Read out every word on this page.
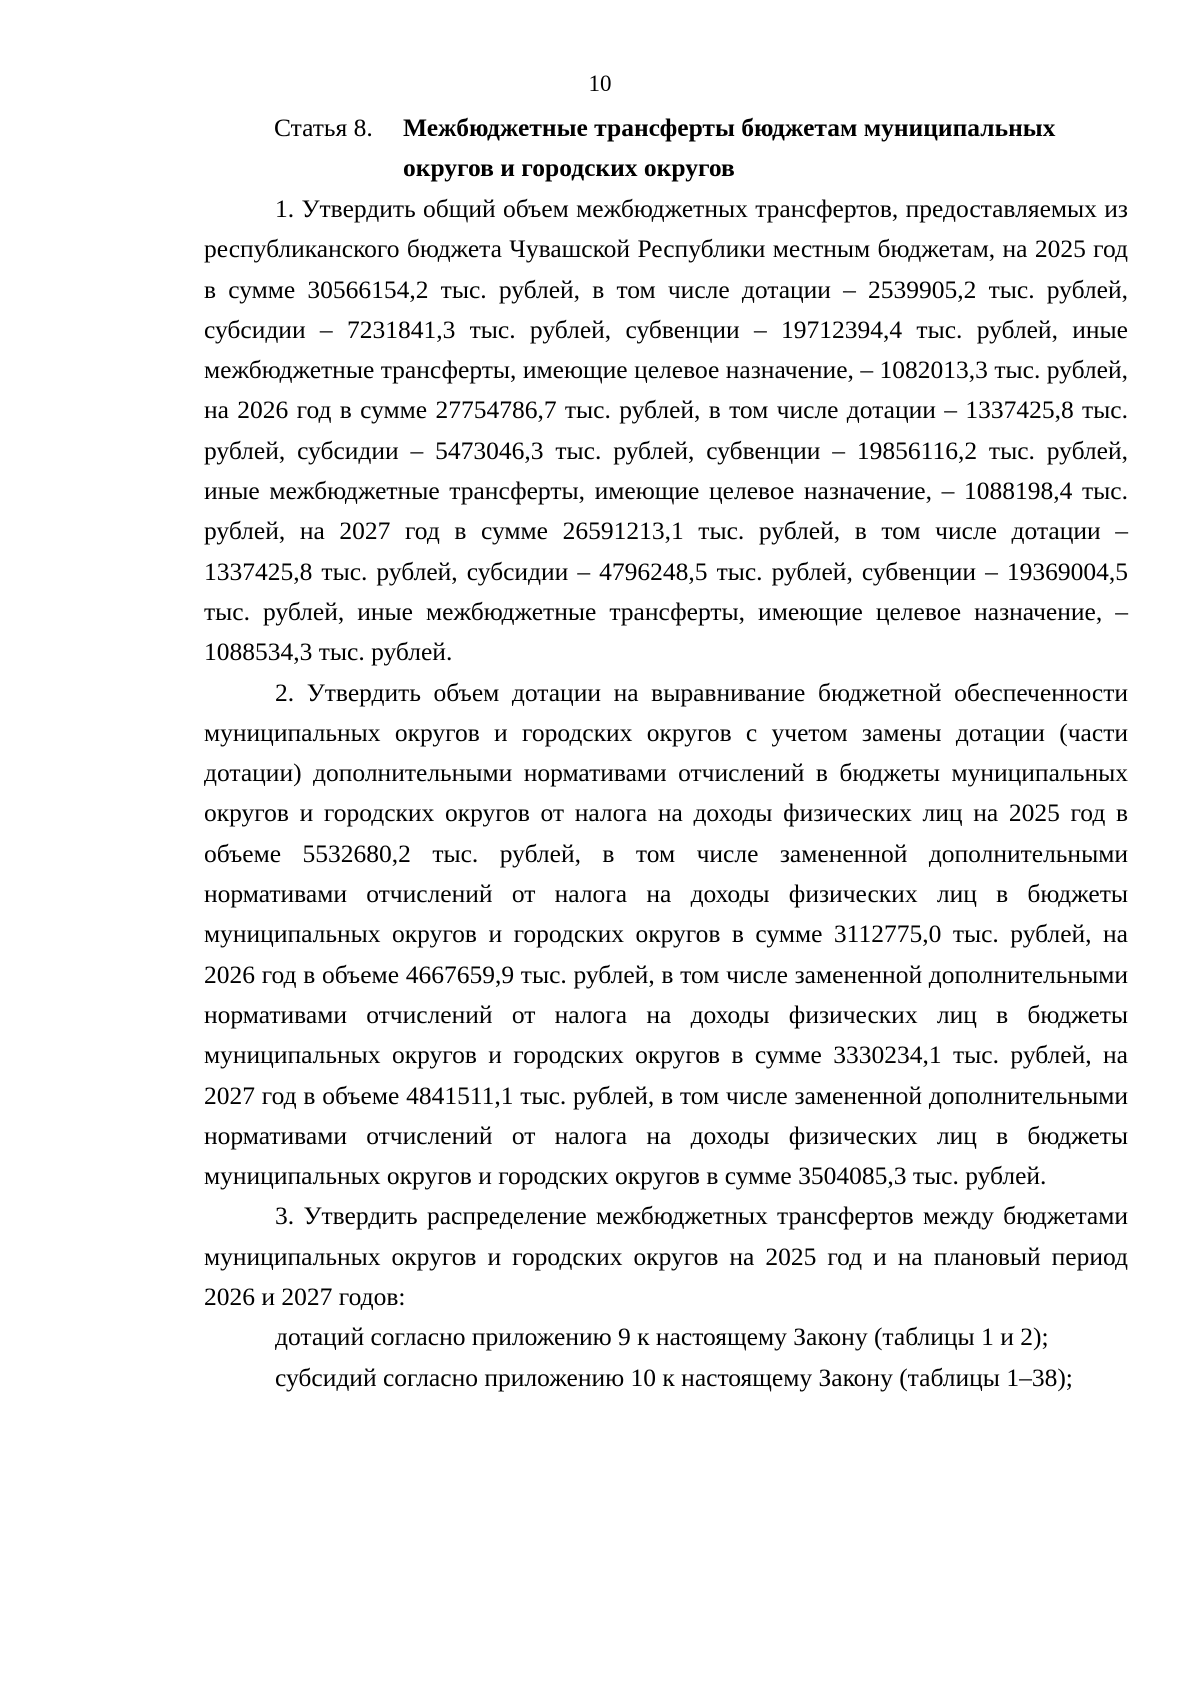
10
Статья 8. Межбюджетные трансферты бюджетам муниципальных округов и городских округов

1. Утвердить общий объем межбюджетных трансфертов, предоставляемых из республиканского бюджета Чувашской Республики местным бюджетам, на 2025 год в сумме 30566154,2 тыс. рублей, в том числе дотации – 2539905,2 тыс. рублей, субсидии – 7231841,3 тыс. рублей, субвенции – 19712394,4 тыс. рублей, иные межбюджетные трансферты, имеющие целевое назначение, – 1082013,3 тыс. рублей, на 2026 год в сумме 27754786,7 тыс. рублей, в том числе дотации – 1337425,8 тыс. рублей, субсидии – 5473046,3 тыс. рублей, субвенции – 19856116,2 тыс. рублей, иные межбюджетные трансферты, имеющие целевое назначение, – 1088198,4 тыс. рублей, на 2027 год в сумме 26591213,1 тыс. рублей, в том числе дотации – 1337425,8 тыс. рублей, субсидии – 4796248,5 тыс. рублей, субвенции – 19369004,5 тыс. рублей, иные межбюджетные трансферты, имеющие целевое назначение, – 1088534,3 тыс. рублей.

2. Утвердить объем дотации на выравнивание бюджетной обеспеченности муниципальных округов и городских округов с учетом замены дотации (части дотации) дополнительными нормативами отчислений в бюджеты муниципальных округов и городских округов от налога на доходы физических лиц на 2025 год в объеме 5532680,2 тыс. рублей, в том числе замененной дополнительными нормативами отчислений от налога на доходы физических лиц в бюджеты муниципальных округов и городских округов в сумме 3112775,0 тыс. рублей, на 2026 год в объеме 4667659,9 тыс. рублей, в том числе замененной дополнительными нормативами отчислений от налога на доходы физических лиц в бюджеты муниципальных округов и городских округов в сумме 3330234,1 тыс. рублей, на 2027 год в объеме 4841511,1 тыс. рублей, в том числе замененной дополнительными нормативами отчислений от налога на доходы физических лиц в бюджеты муниципальных округов и городских округов в сумме 3504085,3 тыс. рублей.

3. Утвердить распределение межбюджетных трансфертов между бюджетами муниципальных округов и городских округов на 2025 год и на плановый период 2026 и 2027 годов:

дотаций согласно приложению 9 к настоящему Закону (таблицы 1 и 2);

субсидий согласно приложению 10 к настоящему Закону (таблицы 1–38);
